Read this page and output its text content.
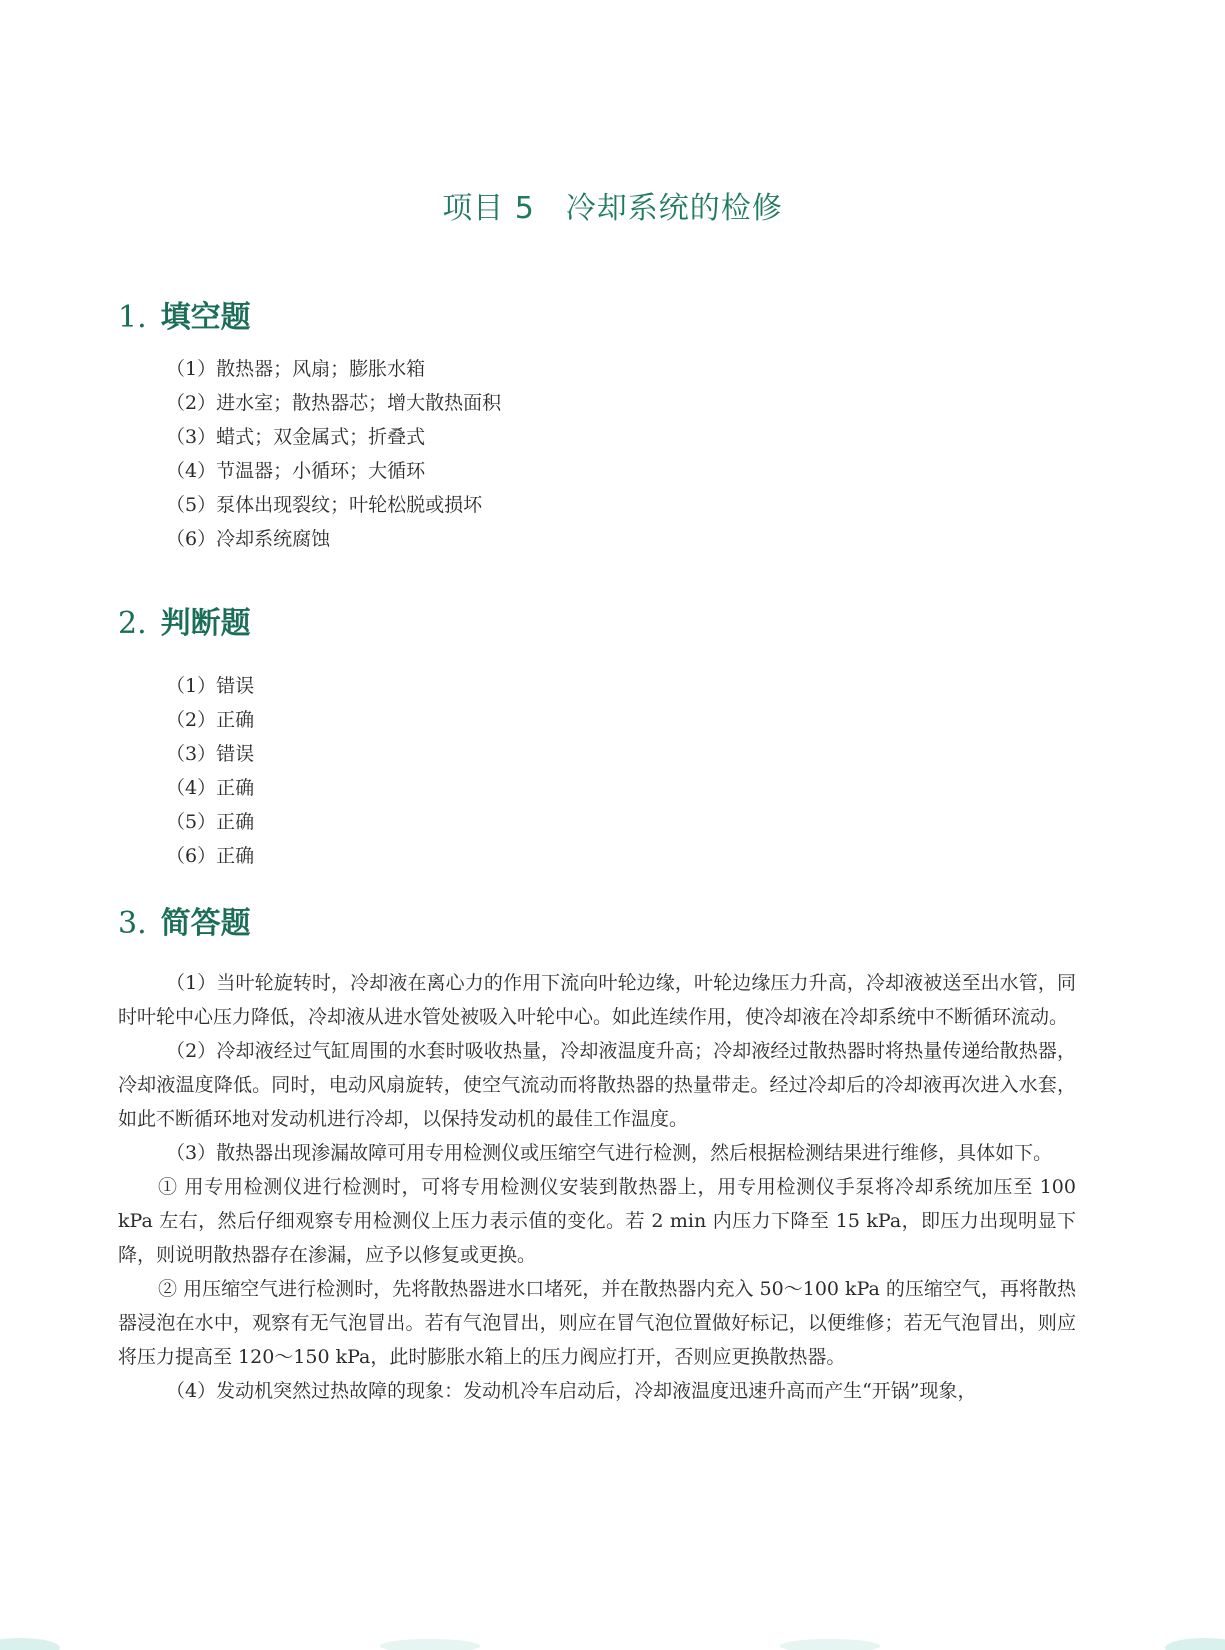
项目 5　冷却系统的检修
1. 填空题
（1）散热器；风扇；膨胀水箱
（2）进水室；散热器芯；增大散热面积
（3）蜡式；双金属式；折叠式
（4）节温器；小循环；大循环
（5）泵体出现裂纹；叶轮松脱或损坏
（6）冷却系统腐蚀
2. 判断题
（1）错误
（2）正确
（3）错误
（4）正确
（5）正确
（6）正确
3. 简答题

（1）当叶轮旋转时，冷却液在离心力的作用下流向叶轮边缘，叶轮边缘压力升高，冷却液被送至出水管，同时叶轮中心压力降低，冷却液从进水管处被吸入叶轮中心。如此连续作用，使冷却液在冷却系统中不断循环流动。

（2）冷却液经过气缸周围的水套时吸收热量，冷却液温度升高；冷却液经过散热器时将热量传递给散热器，冷却液温度降低。同时，电动风扇旋转，使空气流动而将散热器的热量带走。经过冷却后的冷却液再次进入水套，如此不断循环地对发动机进行冷却，以保持发动机的最佳工作温度。

（3）散热器出现渗漏故障可用专用检测仪或压缩空气进行检测，然后根据检测结果进行维修，具体如下。

① 用专用检测仪进行检测时，可将专用检测仪安装到散热器上，用专用检测仪手泵将冷却系统加压至 100 kPa 左右，然后仔细观察专用检测仪上压力表示值的变化。若 2 min 内压力下降至 15 kPa，即压力出现明显下降，则说明散热器存在渗漏，应予以修复或更换。

② 用压缩空气进行检测时，先将散热器进水口堵死，并在散热器内充入 50～100 kPa 的压缩空气，再将散热器浸泡在水中，观察有无气泡冒出。若有气泡冒出，则应在冒气泡位置做好标记，以便维修；若无气泡冒出，则应将压力提高至 120～150 kPa，此时膨胀水箱上的压力阀应打开，否则应更换散热器。

（4）发动机突然过热故障的现象：发动机冷车启动后，冷却液温度迅速升高而产生“开锅”现象，
